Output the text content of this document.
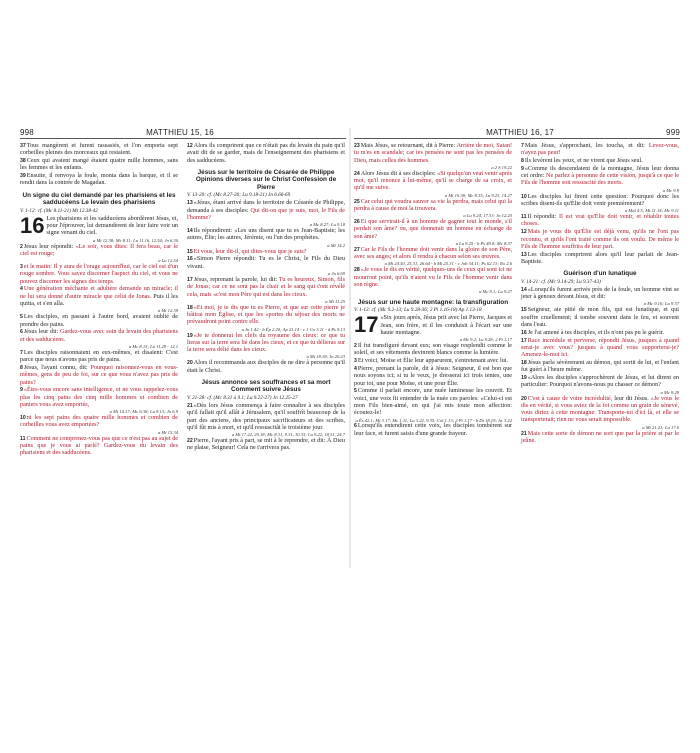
998	MATTHIEU 15, 16

37Tous mangèrent et furent rassasiés, et l'on emporta sept corbeilles pleines des morceaux qui restaient.

38Ceux qui avaient mangé étaient quatre mille hommes, sans les femmes et les enfants.

39Ensuite, il renvoya la foule, monta dans la barque, et il se rendit dans la contrée de Magadan.

Un signe du ciel demandé par les pharisiens et les sadducéens Le levain des pharisiens
V. 1-12: cf. (Mc 8.11-21) Mt 12.38-42

16 Les pharisiens et les sadducéens abordèrent Jésus, et, pour l'éprouver, lui demandèrent de leur faire voir un signe venant du ciel.
a Mt 12.38; Mc 8.11; Lu 11.16, 12.54; Jn 6.30

2Jésus leur répondit: «Le soir, vous dites: Il fera beau, car le ciel est rouge;
a Lu 12.54

3et le matin: Il y aura de l'orage aujourd'hui, car le ciel est d'un rouge sombre. Vous savez discerner l'aspect du ciel, et vous ne pouvez discerner les signes des temps.

4Une génération méchante et adultère demande un miracle; il ne lui sera donné d'autre miracle que celui de Jonas. Puis il les quitta, et s'en alla.
a Mt 12.39

5Les disciples, en passant à l'autre bord, avaient oublié de prendre des pains.

6Jésus leur dit: Gardez-vous avec soin du levain des pharisiens et des sadducéens.
a Mc 8.15; Lu 11.29 - 12.1

7Les disciples raisonnaient en eux-mêmes, et disaient: C'est parce que nous n'avons pas pris de pains.

8Jésus, l'ayant connu, dit: Pourquoi raisonnez-vous en vous-mêmes, gens de peu de foi, sur ce que vous n'avez pas pris de pains?

9«Êtes-vous encore sans intelligence, et ne vous rappelez-vous plus les cinq pains des cinq mille hommes et combien de paniers vous avez emportés,
a Mt 14.17; Mc 6.38; Lu 9.13; Jn 6.9

10ni les sept pains des quatre mille hommes et combien de corbeilles vous avez emportées?
a Mt 15.34

11Comment ne comprenez-vous pas que ce n'est pas au sujet de pains que je vous ai parlé? Gardez-vous du levain des pharisiens et des sadducéens.

12Alors ils comprirent que ce n'était pas du levain du pain qu'il avait dit de se garder, mais de l'enseignement des pharisiens et des sadducéens.

Jésus sur le territoire de Césarée de Philippe Opinions diverses sur le Christ Confession de Pierre
V. 13-20: cf. (Mc 8.27-30; Lu 9.18-21) Jn 6.66-69

13«Jésus, étant arrivé dans le territoire de Césarée de Philippe, demanda à ses disciples: Qui dit-on que je suis, moi, le Fils de l'homme?
a Mc 8.27; Lu 9.18

14Ils répondirent: «Les uns disent que tu es Jean-Baptiste; les autres, Élie; les autres, Jérémie, ou l'un des prophètes.
a Mt 14.2

15Et vous, leur dit-il, qui dites-vous que je suis?

16«Simon Pierre répondit: Tu es le Christ, le Fils du Dieu vivant.
a Jn 6.69

17Jésus, reprenant la parole, lui dit: Tu es heureux, Simon, fils de Jonas; car ce ne sont pas la chair et le sang qui t'ont révélé cela, mais «c'est mon Père qui est dans les cieux.
a Mt 11.25

18«Et moi, je te dis que tu es Pierre, et que sur cette pierre je bâtirai mon Église, et que les «portes du séjour des morts ne prévaudront point contre elle.
a Jn 1.42 - b Ép 2.20; Ap 21.14 - c 1 Co 3.11 - d Ps 9.13

19«Je te donnerai les clefs du royaume des cieux: ce que tu lieras sur la terre sera lié dans les cieux, et ce que tu délieras sur la terre sera délié dans les cieux.
a Mt 18.18; Jn 20.23

20Alors il recommanda aux disciples de ne dire à personne qu'il était le Christ.

Jésus annonce ses souffrances et sa mort Comment suivre Jésus
V. 21-28: cf. (Mc 8.31 à 9.1; Lu 9.22-27) Jn 12.25-27

21«Dès lors Jésus commença à faire connaître à ses disciples qu'il fallait qu'il allât à Jérusalem, qu'il souffrît beaucoup de la part des anciens, des principaux sacrificateurs et des scribes, qu'il fût mis à mort, et qu'il ressuscitât le troisième jour.
a Mt 17.22, 20.18; Mc 8.31, 9.31, 10.33; Lu 9.22, 18.31, 24.7

22Pierre, l'ayant pris à part, se mit à le reprendre, et dit: À Dieu ne plaise, Seigneur! Cela ne t'arrivera pas.

MATTHIEU 16, 17	999

23Mais Jésus, se retournant, dit à Pierre: Arrière de moi, Satan! tu m'es en scandale; car tes pensées ne sont pas les pensées de Dieu, mais celles des hommes.
a 2 S 19.22

24Alors Jésus dit à ses disciples: «Si quelqu'un veut venir après moi, qu'il renonce à lui-même, qu'il se charge de sa croix, et qu'il me suive.
a Mt 10.38; Mc 8.35; Lu 9.23, 14.27

25Car celui qui voudra sauver sa vie la perdra, mais celui qui la perdra à cause de moi la trouvera.
a Lu 9.24, 17.33; Jn 12.25

26Et que servirait-il à un homme de gagner tout le monde, s'il perdait son âme? ou, que donnerait un homme en échange de son âme?
a Lu 9.25 - b Ps 49.8; Mc 8.37

27Car le Fils de l'homme doit venir dans la gloire de son Père, avec ses anges; et alors il rendra à chacun selon ses œuvres.
a Mt 24.30, 25.31, 26.64 - b Mt 25.31 - c Job 34.11; Ps 62.13; Ro 2.6

28«Je vous le dis en vérité, quelques-uns de ceux qui sont ici ne mourront point, qu'ils n'aient vu le Fils de l'homme venir dans son règne.
a Mc 9.1; Lu 9.27

Jésus sur une haute montagne: la transfiguration
V. 1-13: cf. (Mc 9.2-13; Lu 9.28-36; 2 Pi 1.16-18) Ap 1.13-18

17 «Six jours après, Jésus prit avec lui Pierre, Jacques et Jean, son frère, et il les conduisit à l'écart sur une haute montagne.
a Mc 9.2; Lu 9.28; 2 Pi 1.17

2Il fut transfiguré devant eux; son visage resplendit comme le soleil, et ses vêtements devinrent blancs comme la lumière.

3Et voici, Moïse et Élie leur apparurent, s'entretenant avec lui.

4Pierre, prenant la parole, dit à Jésus: Seigneur, il est bon que nous soyons ici; si tu le veux, je dresserai ici trois tentes, une pour toi, une pour Moïse, et une pour Élie.

5Comme il parlait encore, une nuée lumineuse les couvrit. Et voici, une voix fit entendre de la nuée ces paroles: «Celui-ci est mon Fils bien-aimé, en qui j'ai mis toute mon affection: écoutez-le!
a És 42.1; Mt 3.17; Mc 1.11; Lu 3.22, 9.35; Col 1.13; 2 Pi 1.17 - b Dt 18.19; Ac 3.22

6Lorsqu'ils entendirent cette voix, les disciples tombèrent sur leur face, et furent saisis d'une grande frayeur.

7Mais Jésus, s'approchant, les toucha, et dit: Levez-vous, n'ayez pas peur!

8Ils levèrent les yeux, et ne virent que Jésus seul.

9«Comme ils descendaient de la montagne, Jésus leur donna cet ordre: Ne parlez à personne de cette vision, jusqu'à ce que le Fils de l'homme soit ressuscité des morts.
a Mc 9.9

10Les disciples lui firent cette question: Pourquoi donc les scribes disent-ils qu'Élie doit venir premièrement?
a Mal 4.5; Mt 11.14; Mc 9.11

11Il répondit: Il est vrai qu'Élie doit venir, et rétablir toutes choses.

12Mais je vous dis qu'Élie est déjà venu, qu'ils ne l'ont pas reconnu, et qu'ils l'ont traité comme ils ont voulu. De même le Fils de l'homme souffrira de leur part.

13Les disciples comprirent alors qu'il leur parlait de Jean-Baptiste.

Guérison d'un lunatique
V. 14-21: cf. (Mc 9.14-29; Lu 9.37-43)

14«Lorsqu'ils furent arrivés près de la foule, un homme vint se jeter à genoux devant Jésus, et dit:
a Mc 9.16; Lu 9.37

15Seigneur, aie pitié de mon fils, qui est lunatique, et qui souffre cruellement; il tombe souvent dans le feu, et souvent dans l'eau.

16Je l'ai amené à tes disciples, et ils n'ont pas pu le guérir.

17Race incrédule et perverse, répondit Jésus, jusques à quand serai-je avec vous? jusques à quand vous supporterai-je? Amenez-le-moi ici.

18Jésus parla sévèrement au démon, qui sortit de lui, et l'enfant fut guéri à l'heure même.

19«Alors les disciples s'approchèrent de Jésus, et lui dirent en particulier: Pourquoi n'avons-nous pu chasser ce démon?
a Mc 9.28

20C'est à cause de votre incrédulité, leur dit Jésus. «Je vous le dis en vérité, si vous aviez de la foi comme un grain de sénevé, vous diriez à cette montagne: Transporte-toi d'ici là, et elle se transporterait; rien ne vous serait impossible.
a Mt 21.21; Lu 17.6

21Mais cette sorte de démon ne sort que par la prière et par le jeûne.
